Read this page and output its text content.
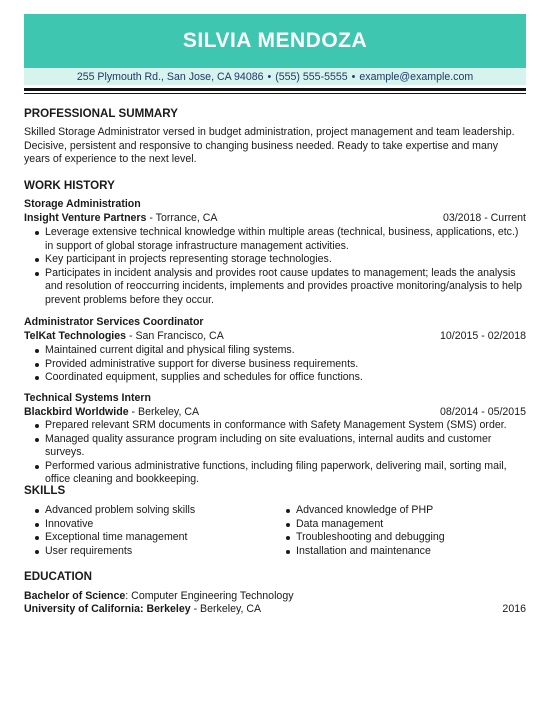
SILVIA MENDOZA
255 Plymouth Rd., San Jose, CA 94086 • (555) 555-5555 • example@example.com
PROFESSIONAL SUMMARY
Skilled Storage Administrator versed in budget administration, project management and team leadership. Decisive, persistent and responsive to changing business needed. Ready to take expertise and many years of experience to the next level.
WORK HISTORY
Storage Administration
Insight Venture Partners - Torrance, CA	03/2018 - Current
Leverage extensive technical knowledge within multiple areas (technical, business, applications, etc.) in support of global storage infrastructure management activities.
Key participant in projects representing storage technologies.
Participates in incident analysis and provides root cause updates to management; leads the analysis and resolution of reoccurring incidents, implements and provides proactive monitoring/analysis to help prevent problems before they occur.
Administrator Services Coordinator
TelKat Technologies - San Francisco, CA	10/2015 - 02/2018
Maintained current digital and physical filing systems.
Provided administrative support for diverse business requirements.
Coordinated equipment, supplies and schedules for office functions.
Technical Systems Intern
Blackbird Worldwide - Berkeley, CA	08/2014 - 05/2015
Prepared relevant SRM documents in conformance with Safety Management System (SMS) order.
Managed quality assurance program including on site evaluations, internal audits and customer surveys.
Performed various administrative functions, including filing paperwork, delivering mail, sorting mail, office cleaning and bookkeeping.
SKILLS
Advanced problem solving skills
Innovative
Exceptional time management
User requirements
Advanced knowledge of PHP
Data management
Troubleshooting and debugging
Installation and maintenance
EDUCATION
Bachelor of Science: Computer Engineering Technology
University of California: Berkeley - Berkeley, CA	2016
